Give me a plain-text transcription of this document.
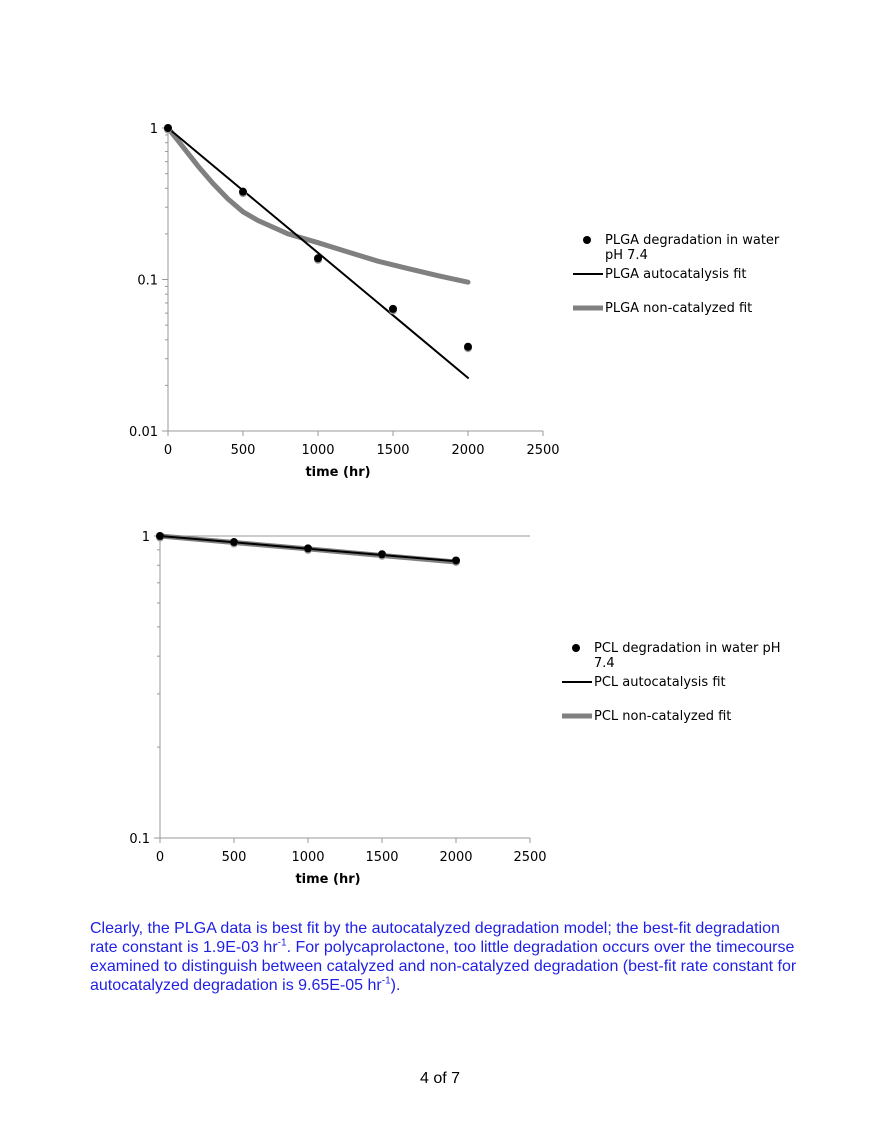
0.01
0.1
1
0	500	1000	1500	2000	2500
time (hr)
PLGA degradation in water
pH 7.4
PLGA autocatalysis fit
PLGA non-catalyzed fit
0.1
1
0	500	1000	1500	2000	2500
time (hr)
PCL degradation in water pH
7.4
PCL autocatalysis fit
PCL non-catalyzed fit

Clearly, the PLGA data is best fit by the autocatalyzed degradation model; the best-fit degradation rate constant is 1.9E-03 $hr^{-1}$. For polycaprolactone, too little degradation occurs over the timecourse examined to distinguish between catalyzed and non-catalyzed degradation (best-fit rate constant for autocatalyzed degradation is 9.65E-05 $hr^{-1}$).

4 of 7
